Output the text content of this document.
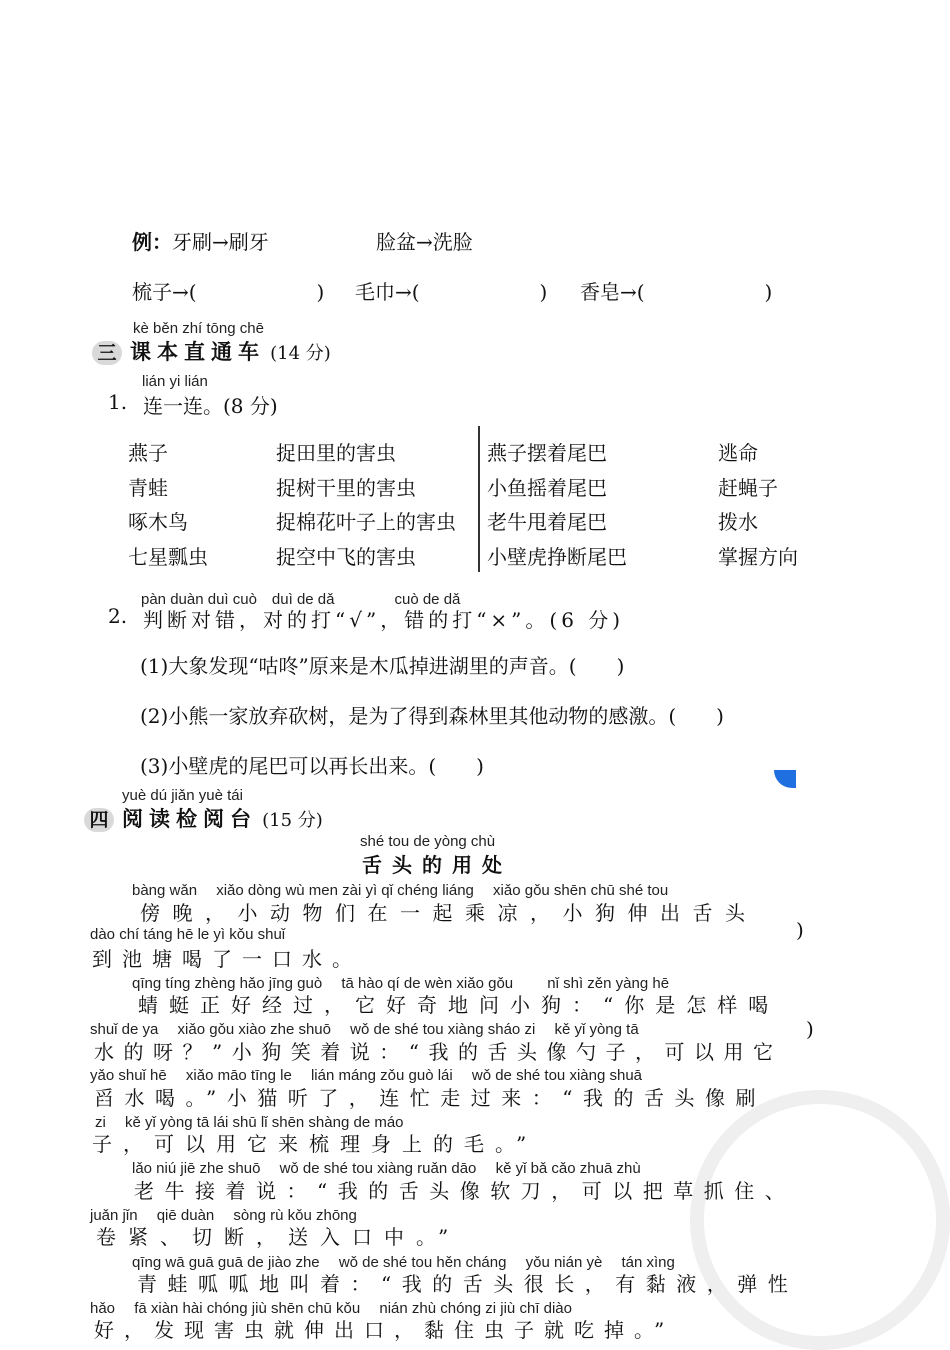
例：牙刷→刷牙	脸盆→洗脸
梳子→(　　　　　　) 毛巾→(　　　　　　) 香皂→(　　　　　　)
kè běn zhí tōng chē
三 课本直通车 (14 分)
lián yi lián
1. 连一连。(8 分)
燕子
青蛙
啄木鸟
七星瓢虫
捉田里的害虫
捉树干里的害虫
捉棉花叶子上的害虫
捉空中飞的害虫
燕子摆着尾巴
小鱼摇着尾巴
老牛甩着尾巴
小壁虎挣断尾巴
逃命
赶蝇子
拨水
掌握方向
pàn duàn duì cuò　duì de dǎ　　　　cuò de dǎ
2. 判断对错，对的打“√”，错的打“×”。(6 分)
(1)大象发现“咕咚”原来是木瓜掉进湖里的声音。(　　)
(2)小熊一家放弃砍树，是为了得到森林里其他动物的感激。(　　)
(3)小壁虎的尾巴可以再长出来。(　　)
yuè dú jiǎn yuè tái
四 阅读检阅台 (15 分)
shé tou de yòng chù
舌头的用处
bàng wǎn　 xiǎo dòng wù men zài yì qǐ chéng liáng　 xiǎo gǒu shēn chū shé tou
傍晚，小动物们在一起乘凉，小狗伸出舌头
dào chí táng hē le yì kǒu shuǐ
到池塘喝了一口水。
qīng tíng zhèng hǎo jīng guò　 tā hào qí de wèn xiǎo gǒu　　 nǐ shì zěn yàng hē
蜻蜓正好经过，它好奇地问小狗：“你是怎样喝
shuǐ de ya　 xiǎo gǒu xiào zhe shuō　 wǒ de shé tou xiàng sháo zi　 kě yǐ yòng tā
水的呀？”小狗笑着说：“我的舌头像勺子，可以用它
yǎo shuǐ hē　 xiǎo māo tīng le　 lián máng zǒu guò lái　 wǒ de shé tou xiàng shuā
舀水喝。”小猫听了，连忙走过来：“我的舌头像刷
zi　 kě yǐ yòng tā lái shū lǐ shēn shàng de máo
子，可以用它来梳理身上的毛。”
lǎo niú jiē zhe shuō　 wǒ de shé tou xiàng ruǎn dāo　 kě yǐ bǎ cǎo zhuā zhù
老牛接着说：“我的舌头像软刀，可以把草抓住、
juǎn jǐn　 qiē duàn　 sòng rù kǒu zhōng
卷紧、切断，送入口中。”
qīng wā guā guā de jiào zhe　 wǒ de shé tou hěn cháng　 yǒu nián yè　 tán xìng
青蛙呱呱地叫着：“我的舌头很长，有黏液，弹性
hǎo　 fā xiàn hài chóng jiù shēn chū kǒu　 nián zhù chóng zi jiù chī diào
好，发现害虫就伸出口，黏住虫子就吃掉。”
)
)
